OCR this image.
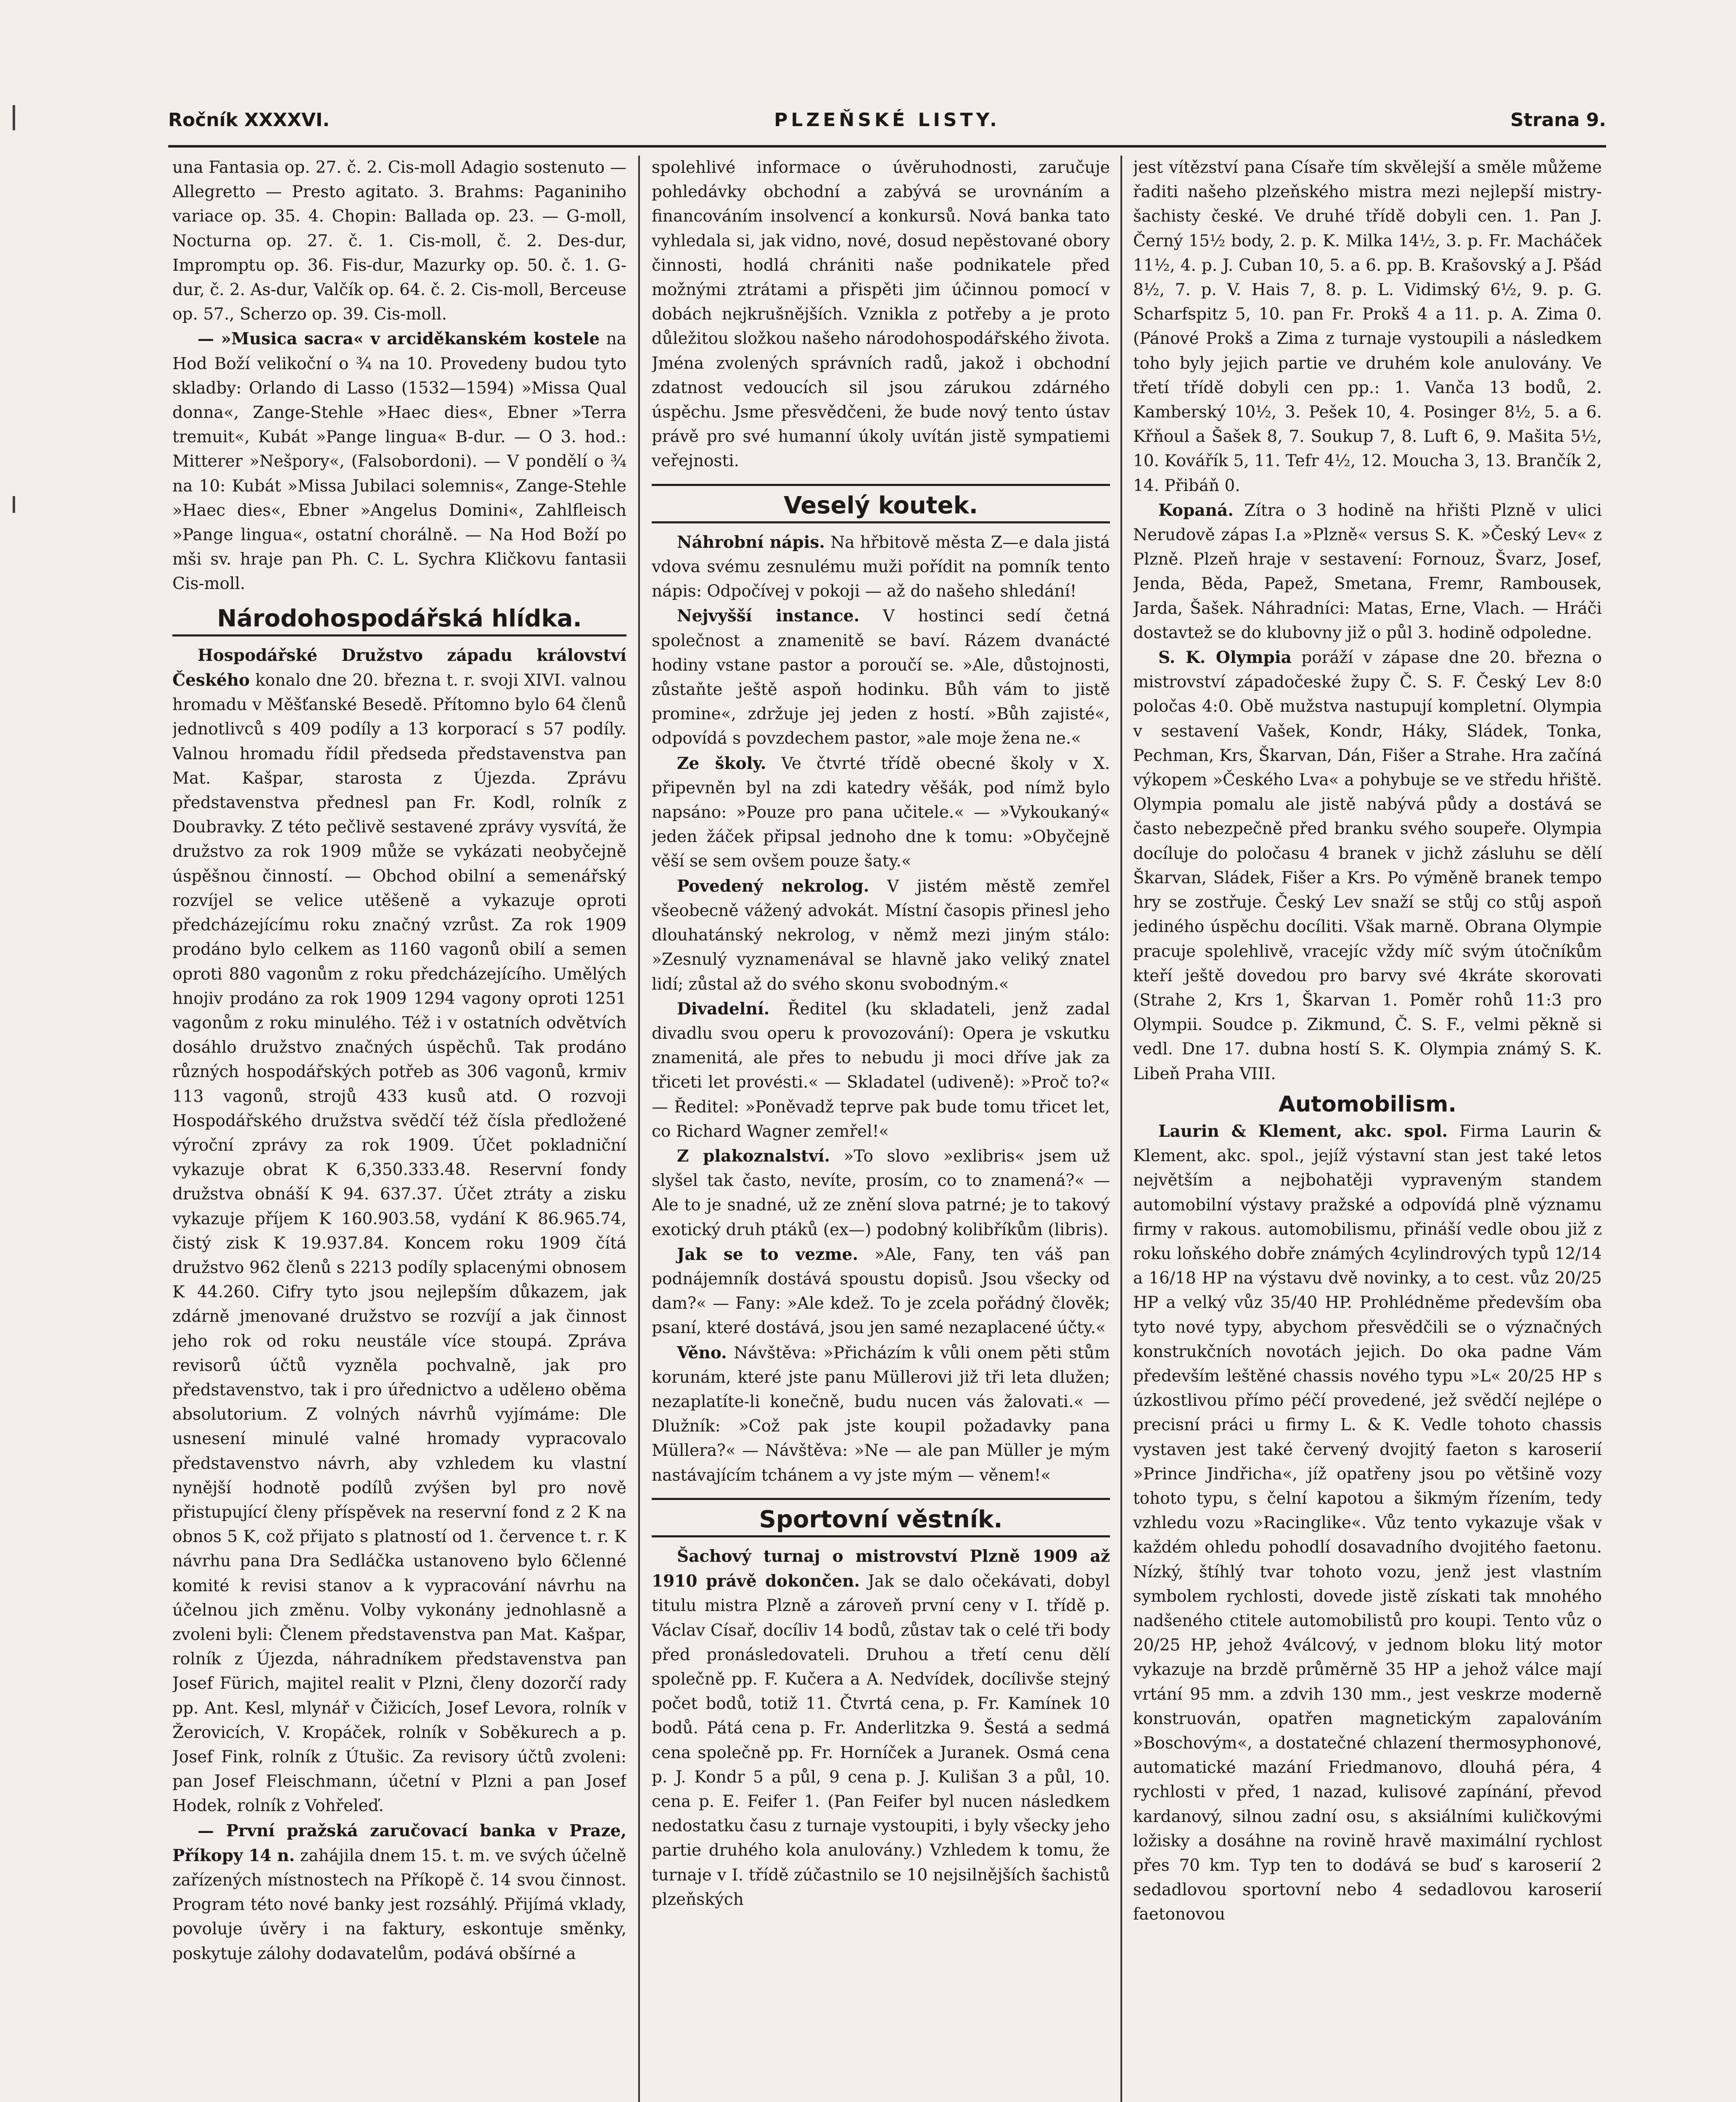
Ročník XXXXVI.	PLZEŇSKÉ LISTY.	Strana 9.

una Fantasia op. 27. č. 2. Cis-moll Adagio sostenuto — Allegretto — Presto agitato. 3. Brahms: Paganiniho variace op. 35. 4. Chopin: Ballada op. 23. — G-moll, Nocturna op. 27. č. 1. Cis-moll, č. 2. Des-dur, Impromptu op. 36. Fis-dur, Mazurky op. 50. č. 1. G-dur, č. 2. As-dur, Valčík op. 64. č. 2. Cis-moll, Berceuse op. 57., Scherzo op. 39. Cis-moll.

— »Musica sacra« v arciděkanském kostele na Hod Boží velikoční o ¾ na 10. Provedeny budou tyto skladby: Orlando di Lasso (1532—1594) »Missa Qual donna«, Zange-Stehle »Haec dies«, Ebner »Terra tremuit«, Kubát »Pange lingua« B-dur. — O 3. hod.: Mitterer »Nešpory«, (Falsobordoni). — V pondělí o ¾ na 10: Kubát »Missa Jubilaci solemnis«, Zange-Stehle »Haec dies«, Ebner »Angelus Domini«, Zahlfleisch »Pange lingua«, ostatní chorálně. — Na Hod Boží po mši sv. hraje pan Ph. C. L. Sychra Kličkovu fantasii Cis-moll.

Národohospodářská hlídka.

Hospodářské Družstvo západu království Českého konalo dne 20. března t. r. svoji XIVI. valnou hromadu v Měšťanské Besedě. Přítomno bylo 64 členů jednotlivců s 409 podíly a 13 korporací s 57 podíly. Valnou hromadu řídil předseda představenstva pan Mat. Kašpar, starosta z Újezda. Zprávu představenstva přednesl pan Fr. Kodl, rolník z Doubravky. Z této pečlivě sestavené zprávy vysvítá, že družstvo za rok 1909 může se vykázati neobyčejně úspěšnou činností. — Obchod obilní a semenářský rozvíjel se velice utěšeně a vykazuje oproti předcházejícímu roku značný vzrůst. Za rok 1909 prodáno bylo celkem as 1160 vagonů obilí a semen oproti 880 vagonům z roku předcházejícího. Umělých hnojiv prodáno za rok 1909 1294 vagony oproti 1251 vagonům z roku minulého. Též i v ostatních odvětvích dosáhlo družstvo značných úspěchů. Tak prodáno různých hospodářských potřeb as 306 vagonů, krmiv 113 vagonů, strojů 433 kusů atd. O rozvoji Hospodářského družstva svědčí též čísla předložené výroční zprávy za rok 1909. Účet pokladniční vykazuje obrat K 6,350.333.48. Reservní fondy družstva obnáší K 94. 637.37. Účet ztráty a zisku vykazuje příjem K 160.903.58, vydání K 86.965.74, čistý zisk K 19.937.84. Koncem roku 1909 čítá družstvo 962 členů s 2213 podíly splacenými obnosem K 44.260. Cifry tyto jsou nejlepším důkazem, jak zdárně jmenované družstvo se rozvíjí a jak činnost jeho rok od roku neustále více stoupá. Zpráva revisorů účtů vyzněla pochvalně, jak pro představenstvo, tak i pro úřednictvo a udělено oběma absolutorium. Z volných návrhů vyjímáme: Dle usnesení minulé valné hromady vypracovalo představenstvo návrh, aby vzhledem ku vlastní nynější hodnotě podílů zvýšen byl pro nově přistupující členy příspěvek na reservní fond z 2 K na obnos 5 K, což přijato s platností od 1. července t. r. K návrhu pana Dra Sedláčka ustanoveno bylo 6členné komité k revisi stanov a k vypracování návrhu na účelnou jich změnu. Volby vykonány jednohlasně a zvoleni byli: Členem představenstva pan Mat. Kašpar, rolník z Újezda, náhradníkem představenstva pan Josef Fürich, majitel realit v Plzni, členy dozorčí rady pp. Ant. Kesl, mlynář v Čižicích, Josef Levora, rolník v Žerovicích, V. Kropáček, rolník v Soběkurech a p. Josef Fink, rolník z Útušic. Za revisory účtů zvoleni: pan Josef Fleischmann, účetní v Plzni a pan Josef Hodek, rolník z Vohřeleď.

— První pražská zaručovací banka v Praze, Příkopy 14 n. zahájila dnem 15. t. m. ve svých účelně zařízených místnostech na Příkopě č. 14 svou činnost. Program této nové banky jest rozsáhlý. Přijímá vklady, povoluje úvěry i na faktury, eskontuje směnky, poskytuje zálohy dodavatelům, podává obšírné a

spolehlivé informace o úvěruhodnosti, zaručuje pohledávky obchodní a zabývá se urovnáním a financováním insolvencí a konkursů. Nová banka tato vyhledala si, jak vidno, nové, dosud nepěstované obory činnosti, hodlá chrániti naše podnikatele před možnými ztrátami a přispěti jim účinnou pomocí v dobách nejkrušnějších. Vznikla z potřeby a je proto důležitou složkou našeho národohospodářského života. Jména zvolených správních radů, jakož i obchodní zdatnost vedoucích sil jsou zárukou zdárného úspěchu. Jsme přesvědčeni, že bude nový tento ústav právě pro své humanní úkoly uvítán jistě sympatiemi veřejnosti.

Veselý koutek.

Náhrobní nápis. Na hřbitově města Z—e dala jistá vdova svému zesnulému muži pořídit na pomník tento nápis: Odpočívej v pokoji — až do našeho shledání!

Nejvyšší instance. V hostinci sedí četná společnost a znamenitě se baví. Rázem dvanácté hodiny vstane pastor a poroučí se. »Ale, důstojnosti, zůstaňte ještě aspoň hodinku. Bůh vám to jistě promine«, zdržuje jej jeden z hostí. »Bůh zajisté«, odpovídá s povzdechem pastor, »ale moje žena ne.«

Ze školy. Ve čtvrté třídě obecné školy v X. připevněn byl na zdi katedry věšák, pod nímž bylo napsáno: »Pouze pro pana učitele.« — »Vykoukaný« jeden žáček připsal jednoho dne k tomu: »Obyčejně věší se sem ovšem pouze šaty.«

Povedený nekrolog. V jistém městě zemřel všeobecně vážený advokát. Místní časopis přinesl jeho dlouhatánský nekrolog, v němž mezi jiným stálo: »Zesnulý vyznamenával se hlavně jako veliký znatel lidí; zůstal až do svého skonu svobodným.«

Divadelní. Ředitel (ku skladateli, jenž zadal divadlu svou operu k provozování): Opera je vskutku znamenitá, ale přes to nebudu ji moci dříve jak za třiceti let provésti.« — Skladatel (udiveně): »Proč to?« — Ředitel: »Poněvadž teprve pak bude tomu třicet let, co Richard Wagner zemřel!«

Z plakoznalství. »To slovo »exlibris« jsem už slyšel tak často, nevíte, prosím, co to znamená?« — Ale to je snadné, už ze znění slova patrné; je to takový exotický druh ptáků (ex—) podobný kolibříkům (libris).

Jak se to vezme. »Ale, Fany, ten váš pan podnájemník dostává spoustu dopisů. Jsou všecky od dam?« — Fany: »Ale kdež. To je zcela pořádný člověk; psaní, které dostává, jsou jen samé nezaplacené účty.«

Věno. Návštěva: »Přicházím k vůli onem pěti stům korunám, které jste panu Müllerovi již tři leta dlužen; nezaplatíte-li konečně, budu nucen vás žalovati.« — Dlužník: »Což pak jste koupil požadavky pana Müllera?« — Návštěva: »Ne — ale pan Müller je mým nastávajícím tchánem a vy jste mým — věnem!«

Sportovní věstník.

Šachový turnaj o mistrovství Plzně 1909 až 1910 právě dokončen. Jak se dalo očekávati, dobyl titulu mistra Plzně a zároveň první ceny v I. třídě p. Václav Císař, docíliv 14 bodů, zůstav tak o celé tři body před pronásledovateli. Druhou a třetí cenu dělí společně pp. F. Kučera a A. Nedvídek, docílivše stejný počet bodů, totiž 11. Čtvrtá cena, p. Fr. Kamínek 10 bodů. Pátá cena p. Fr. Anderlitzka 9. Šestá a sedmá cena společně pp. Fr. Horníček a Juranek. Osmá cena p. J. Kondr 5 a půl, 9 cena p. J. Kulišan 3 a půl, 10. cena p. E. Feifer 1. (Pan Feifer byl nucen následkem nedostatku času z turnaje vystoupiti, i byly všecky jeho partie druhého kola anulovány.) Vzhledem k tomu, že turnaje v I. třídě zúčastnilo se 10 nejsilnějších šachistů plzeňských

jest vítězství pana Císaře tím skvělejší a směle můžeme řaditi našeho plzeňského mistra mezi nejlepší mistry-šachisty české. Ve druhé třídě dobyli cen. 1. Pan J. Černý 15½ body, 2. p. K. Milka 14½, 3. p. Fr. Macháček 11½, 4. p. J. Cuban 10, 5. a 6. pp. B. Krašovský a J. Pšád 8½, 7. p. V. Hais 7, 8. p. L. Vidimský 6½, 9. p. G. Scharfspitz 5, 10. pan Fr. Prokš 4 a 11. p. A. Zima 0. (Pánové Prokš a Zima z turnaje vystoupili a následkem toho byly jejich partie ve druhém kole anulovány. Ve třetí třídě dobyli cen pp.: 1. Vanča 13 bodů, 2. Kamberský 10½, 3. Pešek 10, 4. Posinger 8½, 5. a 6. Křňoul a Šašek 8, 7. Soukup 7, 8. Luft 6, 9. Mašita 5½, 10. Kovářík 5, 11. Tefr 4½, 12. Moucha 3, 13. Brančík 2, 14. Přibáň 0.

Kopaná. Zítra o 3 hodině na hřišti Plzně v ulici Nerudově zápas I.a »Plzně« versus S. K. »Český Lev« z Plzně. Plzeň hraje v sestavení: Fornouz, Švarz, Josef, Jenda, Běda, Papež, Smetana, Fremr, Rambousek, Jarda, Šašek. Náhradníci: Matas, Erne, Vlach. — Hráči dostavtež se do klubovny již o půl 3. hodině odpoledne.

S. K. Olympia poráží v zápase dne 20. března o mistrovství západočeské župy Č. S. F. Český Lev 8:0 poločas 4:0. Obě mužstva nastupují kompletní. Olympia v sestavení Vašek, Kondr, Háky, Sládek, Tonka, Pechman, Krs, Škarvan, Dán, Fišer a Strahe. Hra začíná výkopem »Českého Lva« a pohybuje se ve středu hřiště. Olympia pomalu ale jistě nabývá půdy a dostává se často nebezpečně před branku svého soupeře. Olympia docíluje do poločasu 4 branek v jichž zásluhu se dělí Škarvan, Sládek, Fišer a Krs. Po výměně branek tempo hry se zostřuje. Český Lev snaží se stůj co stůj aspoň jediného úspěchu docíliti. Však marně. Obrana Olympie pracuje spolehlivě, vracejíc vždy míč svým útočníkům kteří ještě dovedou pro barvy své 4kráte skorovati (Strahe 2, Krs 1, Škarvan 1. Poměr rohů 11:3 pro Olympii. Soudce p. Zikmund, Č. S. F., velmi pěkně si vedl. Dne 17. dubna hostí S. K. Olympia známý S. K. Libeň Praha VIII.

Automobilism.

Laurin & Klement, akc. spol. Firma Laurin & Klement, akc. spol., jejíž výstavní stan jest také letos největším a nejbohatěji vypraveným standem automobilní výstavy pražské a odpovídá plně významu firmy v rakous. automobilismu, přináší vedle obou již z roku loňského dobře známých 4cylindrových typů 12/14 a 16/18 HP na výstavu dvě novinky, a to cest. vůz 20/25 HP a velký vůz 35/40 HP. Prohlédněme především oba tyto nové typy, abychom přesvědčili se o význačných konstrukčních novotách jejich. Do oka padne Vám především leštěné chassis nového typu »L« 20/25 HP s úzkostlivou přímo péčí provedené, jež svědčí nejlépe o precisní práci u firmy L. & K. Vedle tohoto chassis vystaven jest také červený dvojitý faeton s karoserií »Prince Jindřicha«, jíž opatřeny jsou po většině vozy tohoto typu, s čelní kapotou a šikmým řízením, tedy vzhledu vozu »Racinglike«. Vůz tento vykazuje však v každém ohledu pohodlí dosavadního dvojitého faetonu. Nízký, štíhlý tvar tohoto vozu, jenž jest vlastním symbolem rychlosti, dovede jistě získati tak mnohého nadšeného ctitele automobilistů pro koupi. Tento vůz o 20/25 HP, jehož 4válcový, v jednom bloku litý motor vykazuje na brzdě průměrně 35 HP a jehož válce mají vrtání 95 mm. a zdvih 130 mm., jest veskrze moderně konstruován, opatřen magnetickým zapalováním »Boschovým«, a dostatečné chlazení thermosyphonové, automatické mazání Friedmanovo, dlouhá péra, 4 rychlosti v před, 1 nazad, kulisové zapínání, převod kardanový, silnou zadní osu, s aksiálními kuličkovými ložisky a dosáhne na rovině hravě maximální rychlost přes 70 km. Typ ten to dodává se buď s karoserií 2 sedadlovou sportovní nebo 4 sedadlovou karoserií faetonovou
